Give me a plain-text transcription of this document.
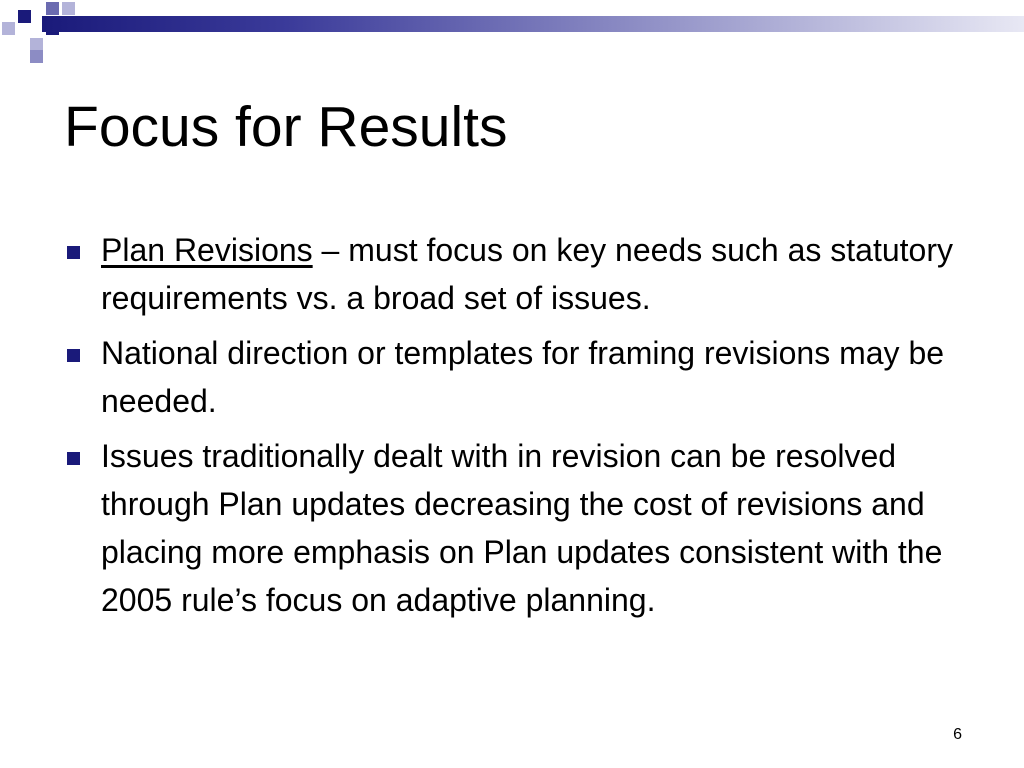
Focus for Results
Plan Revisions – must focus on key needs such as statutory requirements vs. a broad set of issues.
National direction or templates for framing revisions may be needed.
Issues traditionally dealt with in revision can be resolved through Plan updates decreasing the cost of revisions and placing more emphasis on Plan updates consistent with the 2005 rule’s focus on adaptive planning.
6
